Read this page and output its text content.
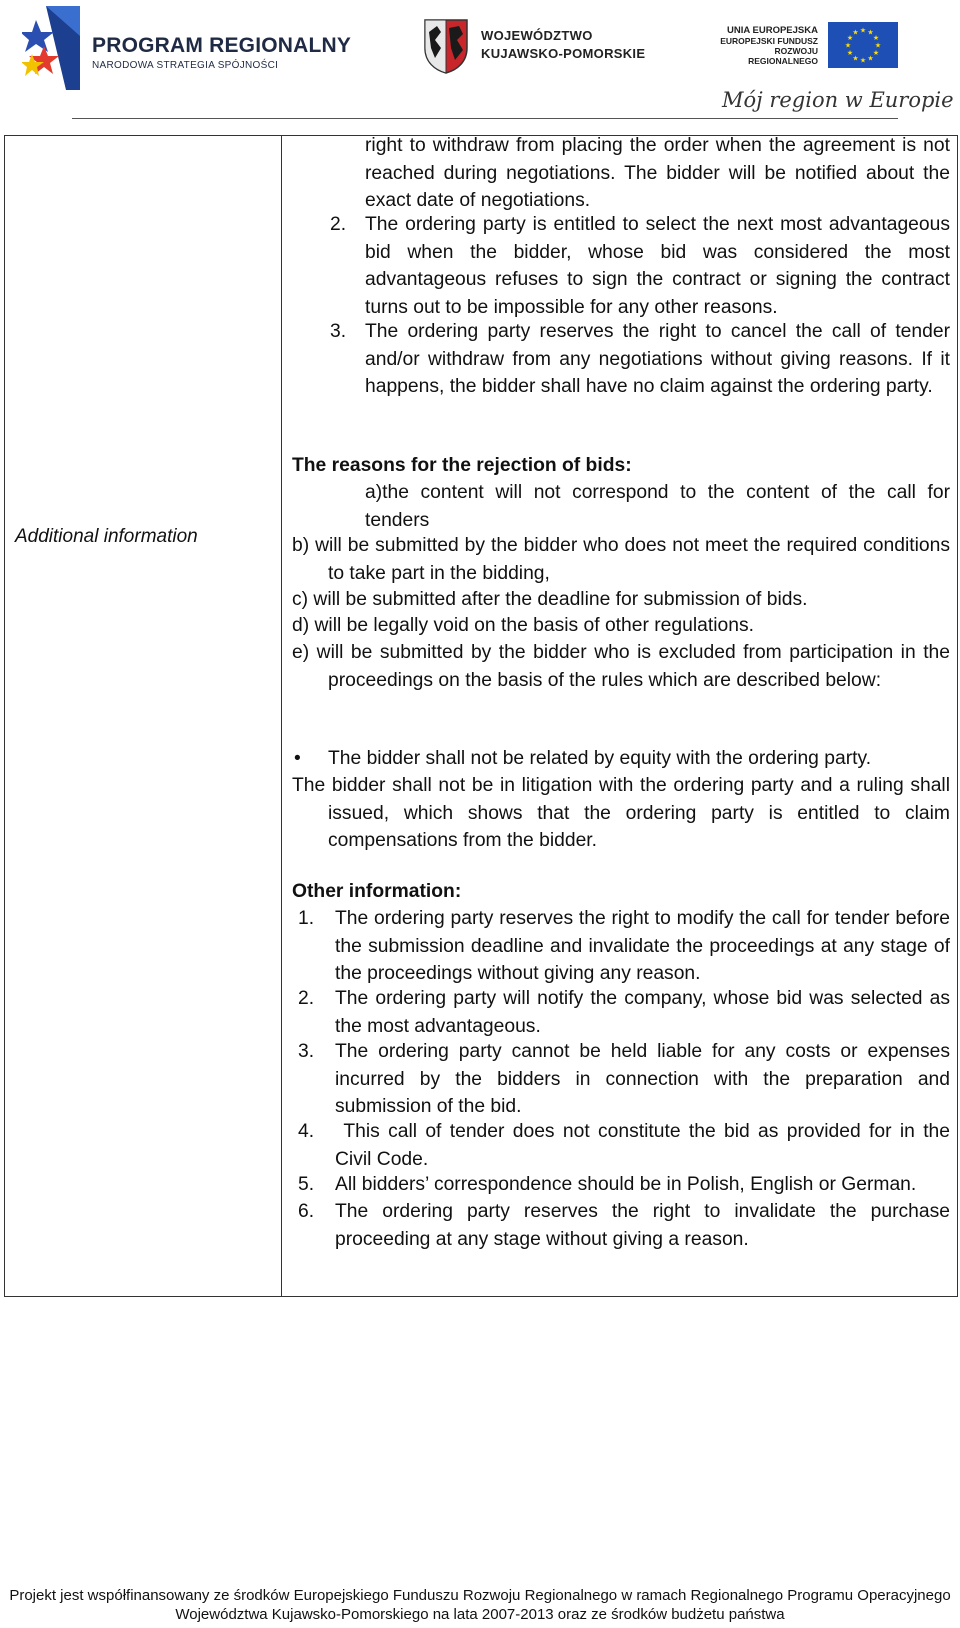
PROGRAM REGIONALNY
NARODOWA STRATEGIA SPÓJNOŚCI
WOJEWÓDZTWO
KUJAWSKO-POMORSKIE
UNIA EUROPEJSKA
EUROPEJSKI FUNDUSZ
ROZWOJU REGIONALNEGO
★
★
★
★
★
★
★
★
★ ★ ★
★
Mój region w Europie
Additional information
right to withdraw from placing the order when the agreement is not reached during negotiations. The bidder will be notified about the exact date of negotiations.
2. The ordering party is entitled to select the next most advantageous bid when the bidder, whose bid was considered the most advantageous refuses to sign the contract or signing the contract turns out to be impossible for any other reasons.
3. The ordering party reserves the right to cancel the call of tender and/or withdraw from any negotiations without giving reasons. If it happens, the bidder shall have no claim against the ordering party.
The reasons for the rejection of bids:
a)the content will not correspond to the content of the call for tenders
b) will be submitted by the bidder who does not meet the required conditions to take part in the bidding,
c) will be submitted after the deadline for submission of bids.
d) will be legally void on the basis of other regulations.
e) will be submitted by the bidder who is excluded from participation in the proceedings on the basis of the rules which are described below:
• The bidder shall not be related by equity with the ordering party.
The bidder shall not be in litigation with the ordering party and a ruling shall issued, which shows that the ordering party is entitled to claim compensations from the bidder.
Other information:
1. The ordering party reserves the right to modify the call for tender before the submission deadline and invalidate the proceedings at any stage of the proceedings without giving any reason.
2. The ordering party will notify the company, whose bid was selected as the most advantageous.
3. The ordering party cannot be held liable for any costs or expenses incurred by the bidders in connection with the preparation and submission of the bid.
4. This call of tender does not constitute the bid as provided for in the Civil Code.
5. All bidders’ correspondence should be in Polish, English or German.
6. The ordering party reserves the right to invalidate the purchase proceeding at any stage without giving a reason.
Projekt jest współfinansowany ze środków Europejskiego Funduszu Rozwoju Regionalnego w ramach Regionalnego Programu Operacyjnego
Województwa Kujawsko-Pomorskiego na lata 2007-2013 oraz ze środków budżetu państwa
